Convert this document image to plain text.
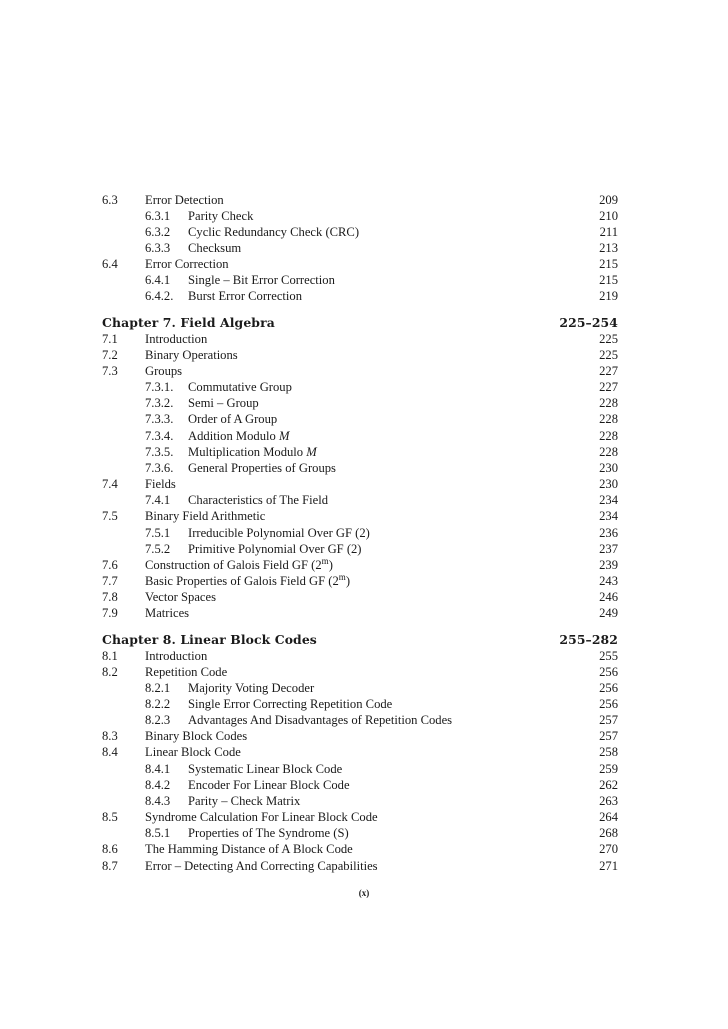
6.3 Error Detection	209
6.3.1 Parity Check	210
6.3.2 Cyclic Redundancy Check (CRC)	211
6.3.3 Checksum	213
6.4 Error Correction	215
6.4.1 Single – Bit Error Correction	215
6.4.2. Burst Error Correction	219
Chapter 7. Field Algebra	225–254
7.1 Introduction	225
7.2 Binary Operations	225
7.3 Groups	227
7.3.1. Commutative Group	227
7.3.2. Semi – Group	228
7.3.3. Order of A Group	228
7.3.4. Addition Modulo M	228
7.3.5. Multiplication Modulo M	228
7.3.6. General Properties of Groups	230
7.4 Fields	230
7.4.1 Characteristics of The Field	234
7.5 Binary Field Arithmetic	234
7.5.1 Irreducible Polynomial Over GF (2)	236
7.5.2 Primitive Polynomial Over GF (2)	237
7.6 Construction of Galois Field GF (2$^m$)	239
7.7 Basic Properties of Galois Field GF (2$^m$)	243
7.8 Vector Spaces	246
7.9 Matrices	249
Chapter 8. Linear Block Codes	255–282
8.1 Introduction	255
8.2 Repetition Code	256
8.2.1 Majority Voting Decoder	256
8.2.2 Single Error Correcting Repetition Code	256
8.2.3 Advantages And Disadvantages of Repetition Codes	257
8.3 Binary Block Codes	257
8.4 Linear Block Code	258
8.4.1 Systematic Linear Block Code	259
8.4.2 Encoder For Linear Block Code	262
8.4.3 Parity – Check Matrix	263
8.5 Syndrome Calculation For Linear Block Code	264
8.5.1 Properties of The Syndrome (S)	268
8.6 The Hamming Distance of A Block Code	270
8.7 Error – Detecting And Correcting Capabilities	271
(x)
